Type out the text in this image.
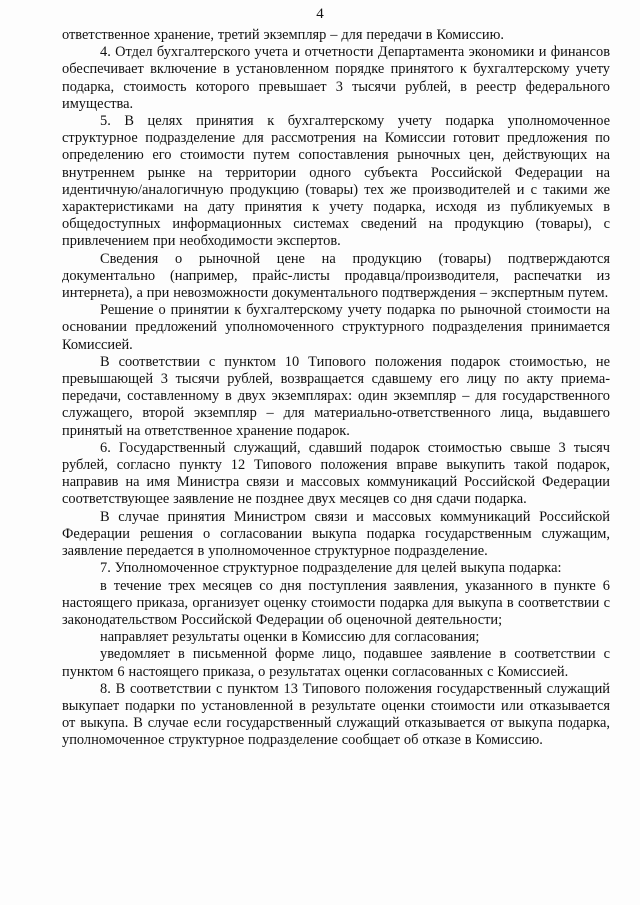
4

ответственное хранение, третий экземпляр – для передачи в Комиссию.

4. Отдел бухгалтерского учета и отчетности Департамента экономики и финансов обеспечивает включение в установленном порядке принятого к бухгалтерскому учету подарка, стоимость которого превышает 3 тысячи рублей, в реестр федерального имущества.

5. В целях принятия к бухгалтерскому учету подарка уполномоченное структурное подразделение для рассмотрения на Комиссии готовит предложения по определению его стоимости путем сопоставления рыночных цен, действующих на внутреннем рынке на территории одного субъекта Российской Федерации на идентичную/аналогичную продукцию (товары) тех же производителей и с такими же характеристиками на дату принятия к учету подарка, исходя из публикуемых в общедоступных информационных системах сведений на продукцию (товары), с привлечением при необходимости экспертов.

Сведения о рыночной цене на продукцию (товары) подтверждаются документально (например, прайс-листы продавца/производителя, распечатки из интернета), а при невозможности документального подтверждения – экспертным путем.

Решение о принятии к бухгалтерскому учету подарка по рыночной стоимости на основании предложений уполномоченного структурного подразделения принимается Комиссией.

В соответствии с пунктом 10 Типового положения подарок стоимостью, не превышающей 3 тысячи рублей, возвращается сдавшему его лицу по акту приема-передачи, составленному в двух экземплярах: один экземпляр – для государственного служащего, второй экземпляр – для материально-ответственного лица, выдавшего принятый на ответственное хранение подарок.

6. Государственный служащий, сдавший подарок стоимостью свыше 3 тысяч рублей, согласно пункту 12 Типового положения вправе выкупить такой подарок, направив на имя Министра связи и массовых коммуникаций Российской Федерации соответствующее заявление не позднее двух месяцев со дня сдачи подарка.

В случае принятия Министром связи и массовых коммуникаций Российской Федерации решения о согласовании выкупа подарка государственным служащим, заявление передается в уполномоченное структурное подразделение.

7. Уполномоченное структурное подразделение для целей выкупа подарка:

в течение трех месяцев со дня поступления заявления, указанного в пункте 6 настоящего приказа, организует оценку стоимости подарка для выкупа в соответствии с законодательством Российской Федерации об оценочной деятельности;

направляет результаты оценки в Комиссию для согласования;

уведомляет в письменной форме лицо, подавшее заявление в соответствии с пунктом 6 настоящего приказа, о результатах оценки согласованных с Комиссией.

8. В соответствии с пунктом 13 Типового положения государственный служащий выкупает подарки по установленной в результате оценки стоимости или отказывается от выкупа. В случае если государственный служащий отказывается от выкупа подарка, уполномоченное структурное подразделение сообщает об отказе в Комиссию.
